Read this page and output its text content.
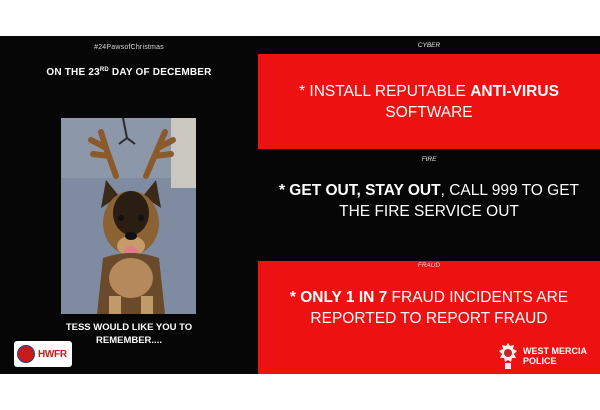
#24PawsofChristmas
ON THE 23RD DAY OF DECEMBER
TESS WOULD LIKE YOU TO
REMEMBER....
HWFR
CYBER
* INSTALL REPUTABLE ANTI-VIRUS
SOFTWARE
FIRE
* GET OUT, STAY OUT, CALL 999 TO GET
THE FIRE SERVICE OUT
* ONLY 1 IN 7 FRAUD INCIDENTS ARE
REPORTED TO REPORT FRAUD
FRAUD
WEST MERCIA
POLICE
